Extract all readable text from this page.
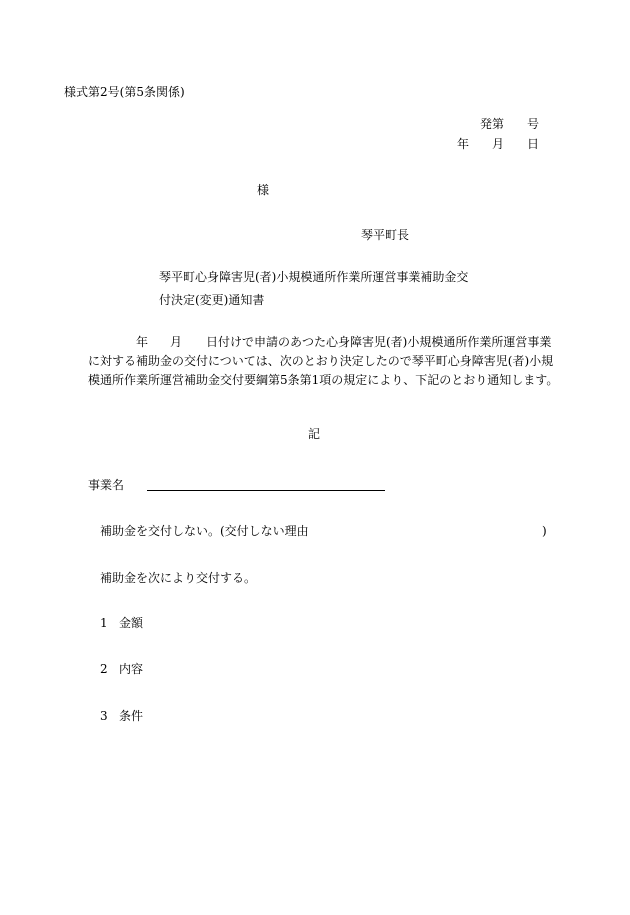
様式第2号(第5条関係)
発第 号
年 月 日
様
琴平町長
琴平町心身障害児(者)小規模通所作業所運営事業補助金交
付決定(変更)通知書
年 月 日付けで申請のあつた心身障害児(者)小規模通所作業所運営事業
に対する補助金の交付については、次のとおり決定したので琴平町心身障害児(者)小規
模通所作業所運営補助金交付要綱第5条第1項の規定により、下記のとおり通知します。
記
事業名
補助金を交付しない。(交付しない理由	)
補助金を次により交付する。
1 金額
2 内容
3 条件
